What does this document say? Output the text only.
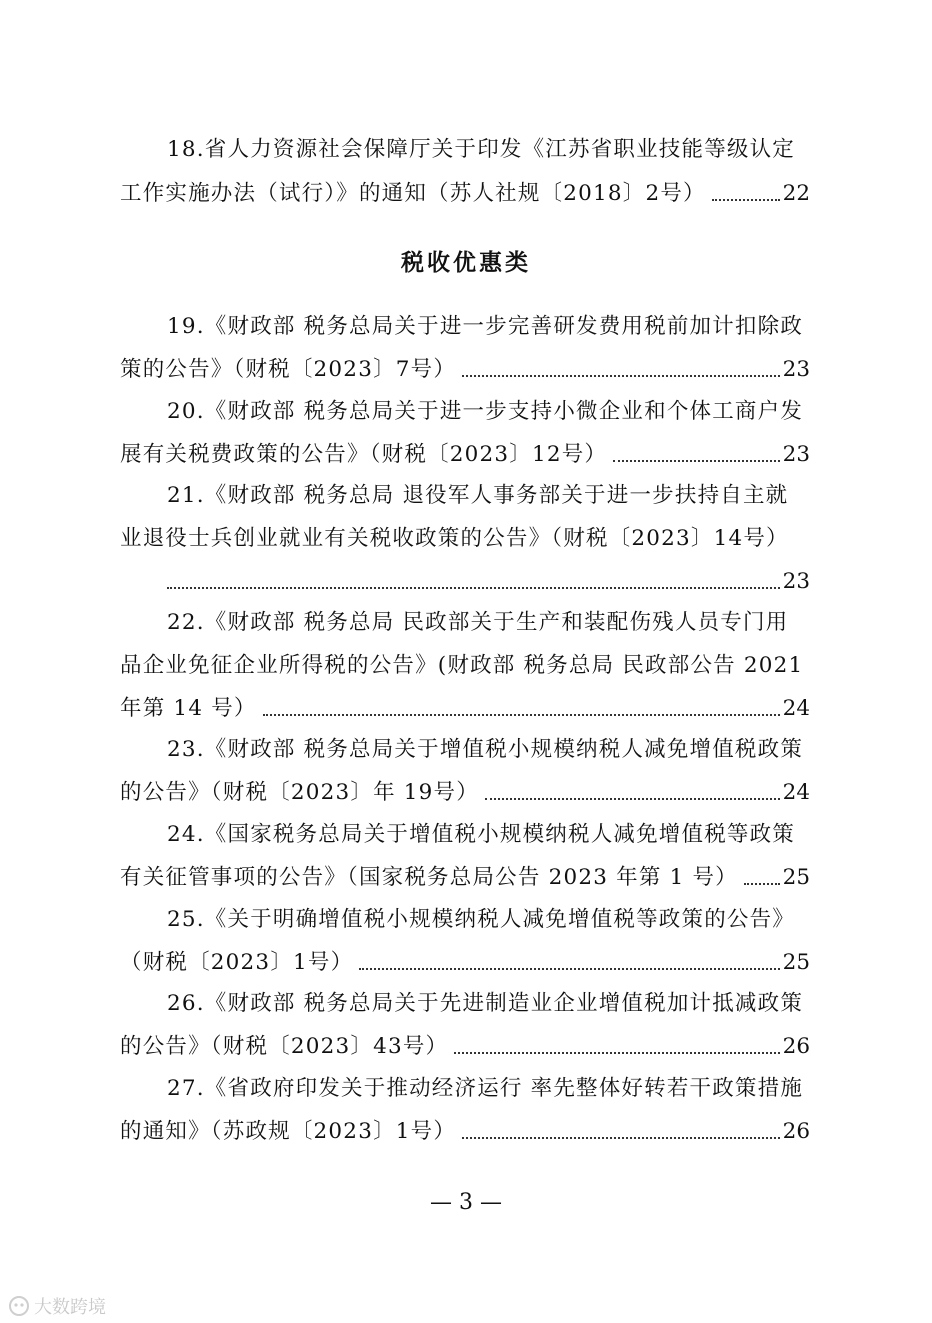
18.省人力资源社会保障厅关于印发《江苏省职业技能等级认定
工作实施办法（试行）》的通知（苏人社规〔2018〕2号）	22
税收优惠类
19.《财政部 税务总局关于进一步完善研发费用税前加计扣除政
策的公告》（财税〔2023〕7号）	23
20.《财政部 税务总局关于进一步支持小微企业和个体工商户发
展有关税费政策的公告》（财税〔2023〕12号）	23
21.《财政部 税务总局 退役军人事务部关于进一步扶持自主就
业退役士兵创业就业有关税收政策的公告》（财税〔2023〕14号）
23
22.《财政部 税务总局 民政部关于生产和装配伤残人员专门用
品企业免征企业所得税的公告》(财政部 税务总局 民政部公告 2021
年第 14 号）	24
23.《财政部 税务总局关于增值税小规模纳税人减免增值税政策
的公告》（财税〔2023〕年 19号）	24
24.《国家税务总局关于增值税小规模纳税人减免增值税等政策
有关征管事项的公告》（国家税务总局公告 2023 年第 1 号） 25
25.《关于明确增值税小规模纳税人减免增值税等政策的公告》
（财税〔2023〕1号）	25
26.《财政部 税务总局关于先进制造业企业增值税加计抵减政策
的公告》（财税〔2023〕43号）	26
27.《省政府印发关于推动经济运行 率先整体好转若干政策措施
的通知》（苏政规〔2023〕1号）	26
— 3 —
大数跨境
